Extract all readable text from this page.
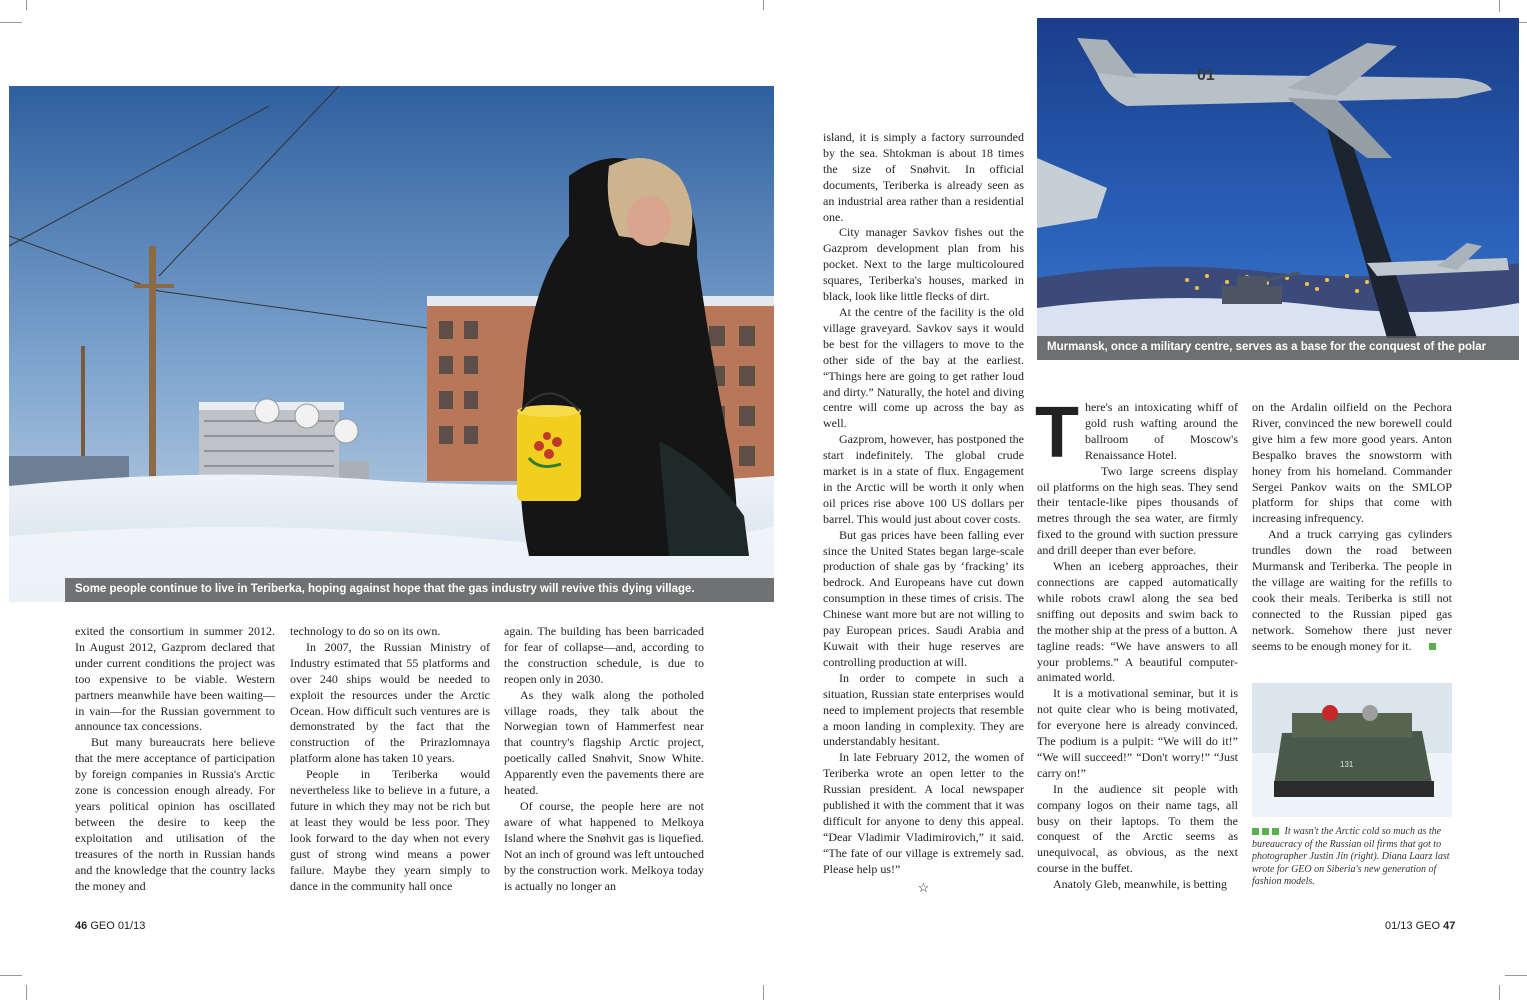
Some people continue to live in Teriberka, hoping against hope that the gas industry will revive this dying village.
01
Murmansk, once a military centre, serves as a base for the conquest of the polar region.

exited the consortium in summer 2012. In August 2012, Gazprom declared that under current conditions the project was too expensive to be viable. Western partners meanwhile have been waiting—in vain—for the Russian government to announce tax concessions.

But many bureaucrats here believe that the mere acceptance of participation by foreign companies in Russia's Arctic zone is concession enough already. For years political opinion has oscillated between the desire to keep the exploitation and utilisation of the treasures of the north in Russian hands and the knowledge that the country lacks the money and

technology to do so on its own.

In 2007, the Russian Ministry of Industry estimated that 55 platforms and over 240 ships would be needed to exploit the resources under the Arctic Ocean. How difficult such ventures are is demonstrated by the fact that the construction of the Prirazlomnaya platform alone has taken 10 years.

People in Teriberka would nevertheless like to believe in a future, a future in which they may not be rich but at least they would be less poor. They look forward to the day when not every gust of strong wind means a power failure. Maybe they yearn simply to dance in the community hall once

again. The building has been barricaded for fear of collapse—and, according to the construction schedule, is due to reopen only in 2030.

As they walk along the potholed village roads, they talk about the Norwegian town of Hammerfest near that country's flagship Arctic project, poetically called Snøhvit, Snow White. Apparently even the pavements there are heated.

Of course, the people here are not aware of what happened to Melkoya Island where the Snøhvit gas is liquefied. Not an inch of ground was left untouched by the construction work. Melkoya today is actually no longer an

island, it is simply a factory surrounded by the sea. Shtokman is about 18 times the size of Snøhvit. In official documents, Teriberka is already seen as an industrial area rather than a residential one.

City manager Savkov fishes out the Gazprom development plan from his pocket. Next to the large multicoloured squares, Teriberka's houses, marked in black, look like little flecks of dirt.

At the centre of the facility is the old village graveyard. Savkov says it would be best for the villagers to move to the other side of the bay at the earliest. “Things here are going to get rather loud and dirty.” Naturally, the hotel and diving centre will come up across the bay as well.

Gazprom, however, has postponed the start indefinitely. The global crude market is in a state of flux. Engagement in the Arctic will be worth it only when oil prices rise above 100 US dollars per barrel. This would just about cover costs.

But gas prices have been falling ever since the United States began large-scale production of shale gas by ‘fracking’ its bedrock. And Europeans have cut down consumption in these times of crisis. The Chinese want more but are not willing to pay European prices. Saudi Arabia and Kuwait with their huge reserves are controlling production at will.

In order to compete in such a situation, Russian state enterprises would need to implement projects that resemble a moon landing in complexity. They are understandably hesitant.

In late February 2012, the women of Teriberka wrote an open letter to the Russian president. A local newspaper published it with the comment that it was difficult for anyone to deny this appeal. “Dear Vladimir Vladimirovich,” it said. “The fate of our village is extremely sad. Please help us!”

☆

There's an intoxicating whiff of gold rush wafting around the ballroom of Moscow's Renaissance Hotel.

Two large screens display oil platforms on the high seas. They send their tentacle-like pipes thousands of metres through the sea water, are firmly fixed to the ground with suction pressure and drill deeper than ever before.

When an iceberg approaches, their connections are capped automatically while robots crawl along the sea bed sniffing out deposits and swim back to the mother ship at the press of a button. A tagline reads: “We have answers to all your problems.” A beautiful computer-animated world.

It is a motivational seminar, but it is not quite clear who is being motivated, for everyone here is already convinced. The podium is a pulpit: “We will do it!” “We will succeed!” “Don't worry!” “Just carry on!”

In the audience sit people with company logos on their name tags, all busy on their laptops. To them the conquest of the Arctic seems as unequivocal, as obvious, as the next course in the buffet.

Anatoly Gleb, meanwhile, is betting

on the Ardalin oilfield on the Pechora River, convinced the new borewell could give him a few more good years. Anton Bespalko braves the snowstorm with honey from his homeland. Commander Sergei Pankov waits on the SMLOP platform for ships that come with increasing infrequency.

And a truck carrying gas cylinders trundles down the road between Murmansk and Teriberka. The people in the village are waiting for the refills to cook their meals. Teriberka is still not connected to the Russian piped gas network. Somehow there just never seems to be enough money for it.

131
It wasn't the Arctic cold so much as the bureaucracy of the Russian oil firms that got to photographer Justin Jin (right). Diana Laarz last wrote for GEO on Siberia's new generation of fashion models.
46 GEO 01/13	01/13 GEO 47
